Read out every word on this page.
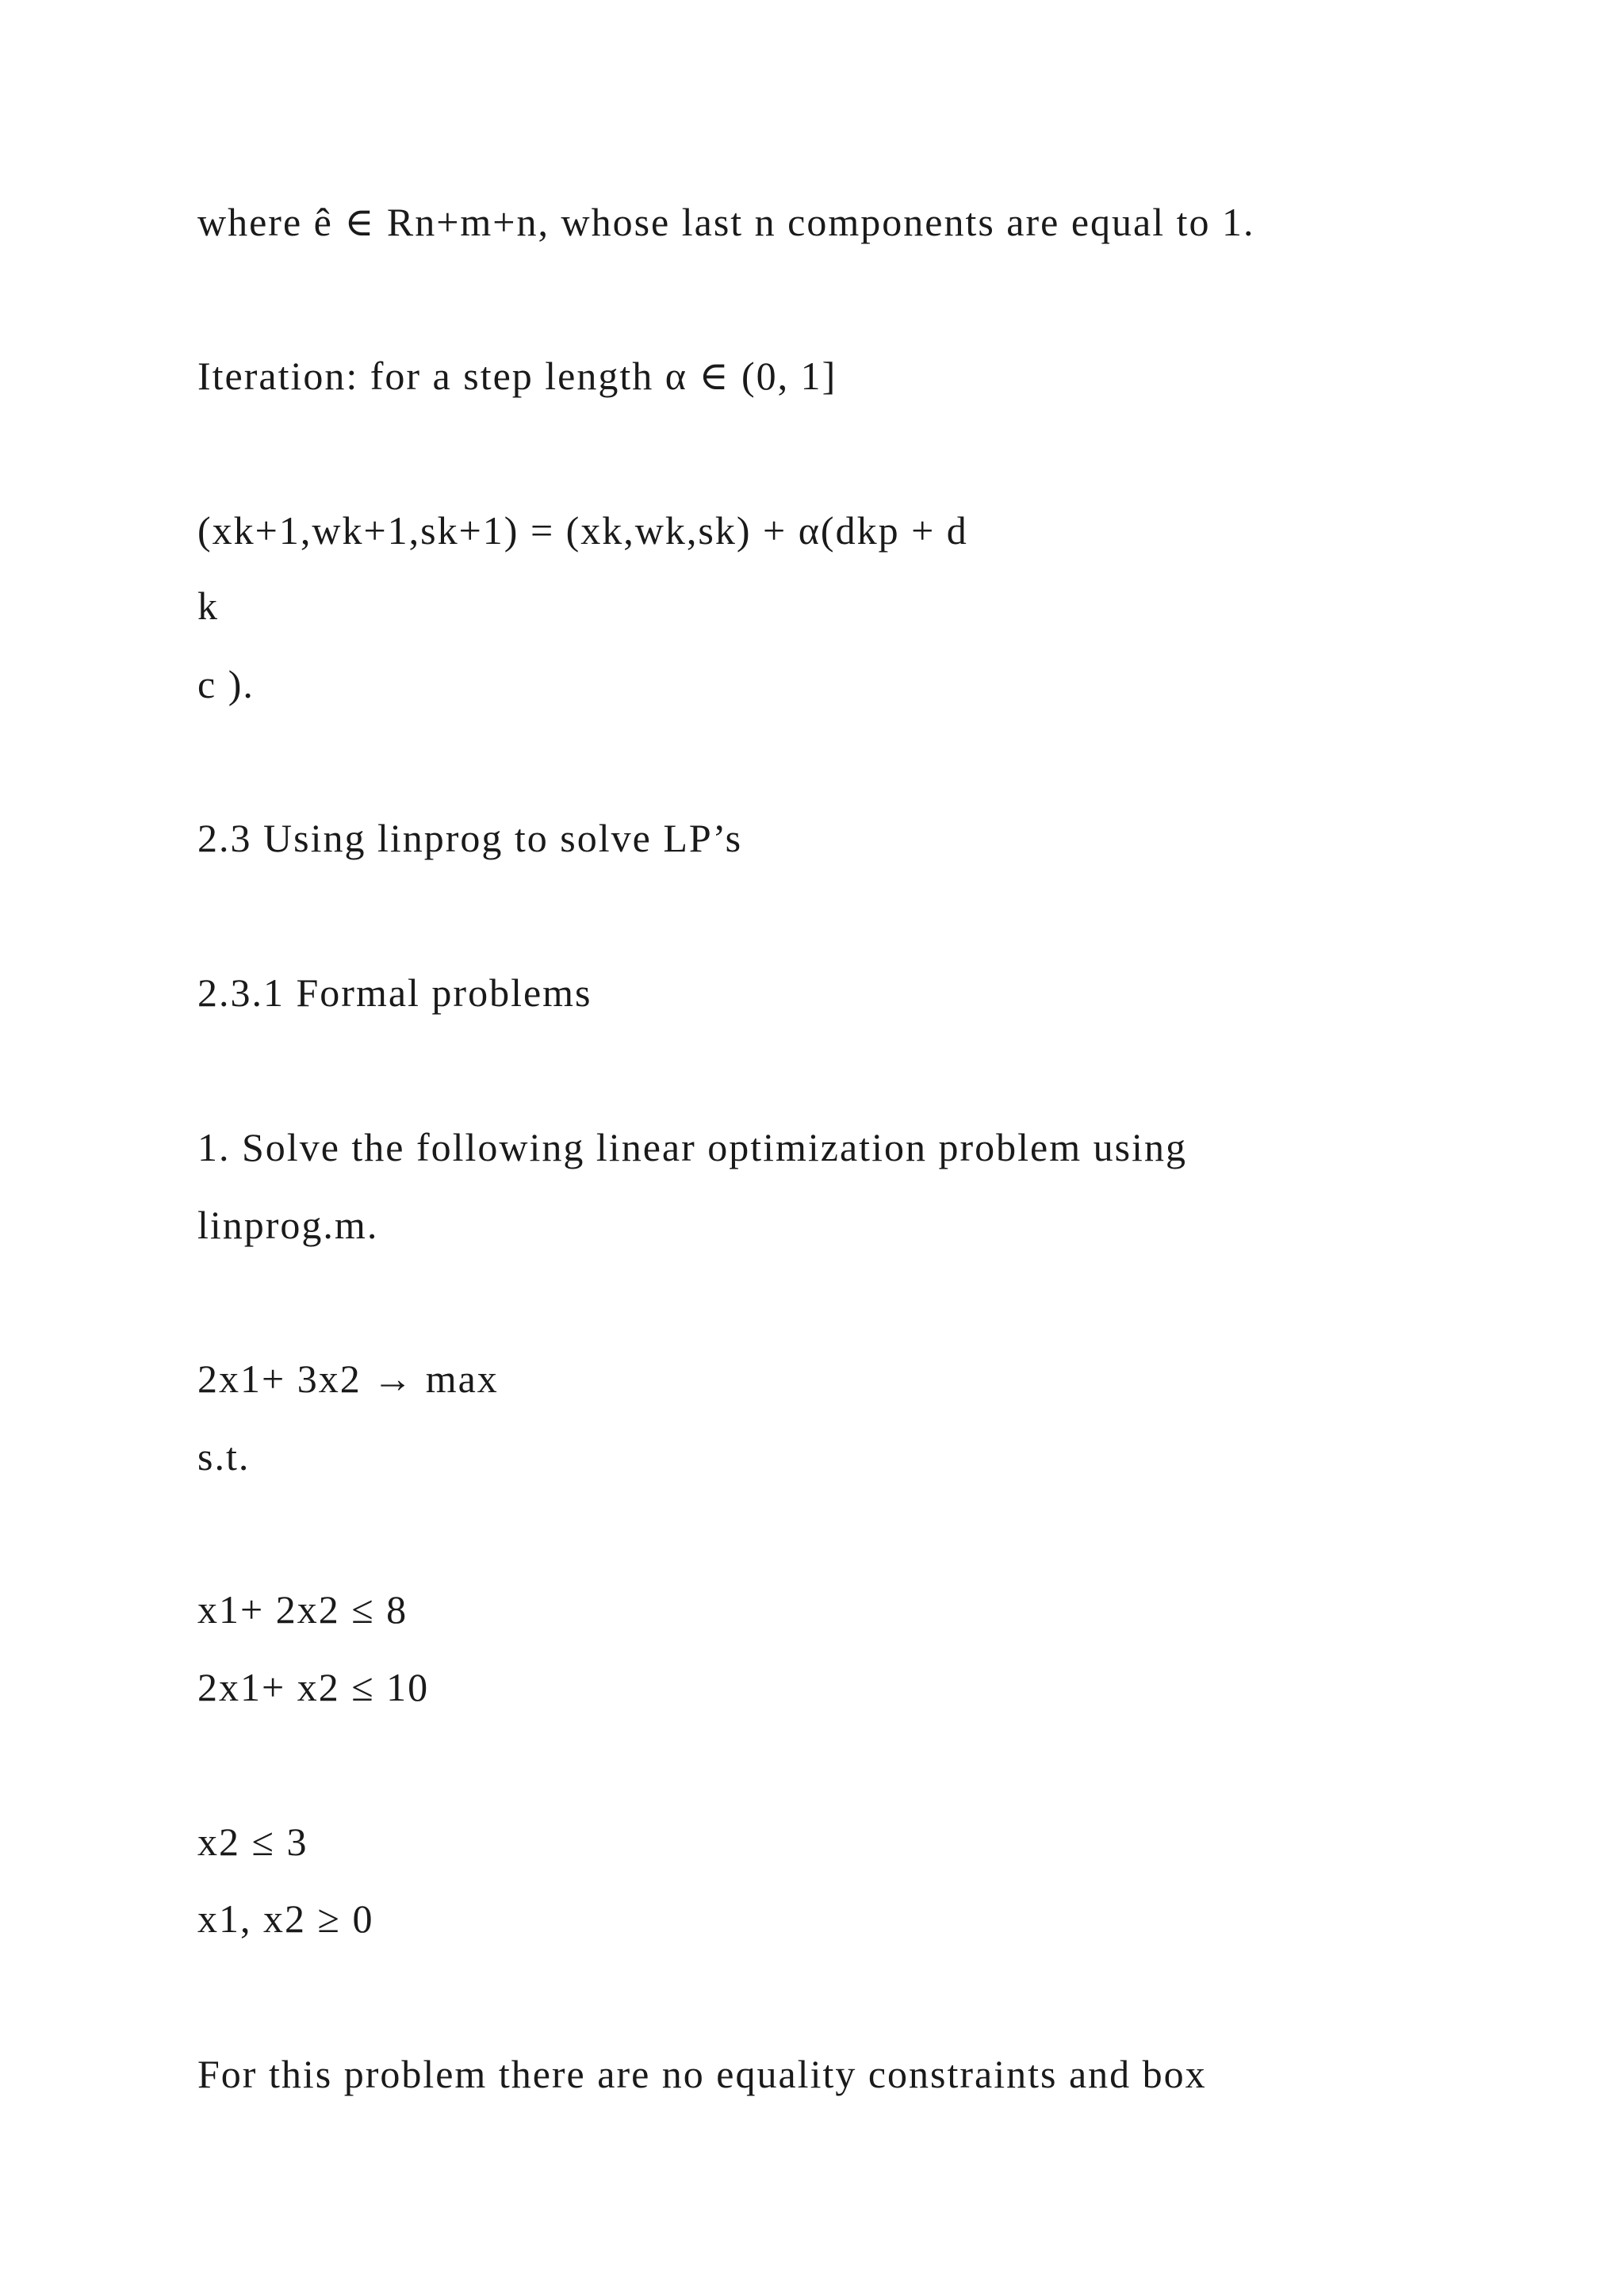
where ê ∈ Rn+m+n, whose last n components are equal to 1.

Iteration: for a step length α ∈ (0, 1]

(xk+1,wk+1,sk+1) = (xk,wk,sk) + α(dkp + d

k

c ).

2.3 Using linprog to solve LP’s

2.3.1 Formal problems

1. Solve the following linear optimization problem using

linprog.m.

2x1+ 3x2 → max

s.t.

x1+ 2x2 ≤ 8

2x1+ x2 ≤ 10

x2 ≤ 3

x1, x2 ≥ 0

For this problem there are no equality constraints and box
